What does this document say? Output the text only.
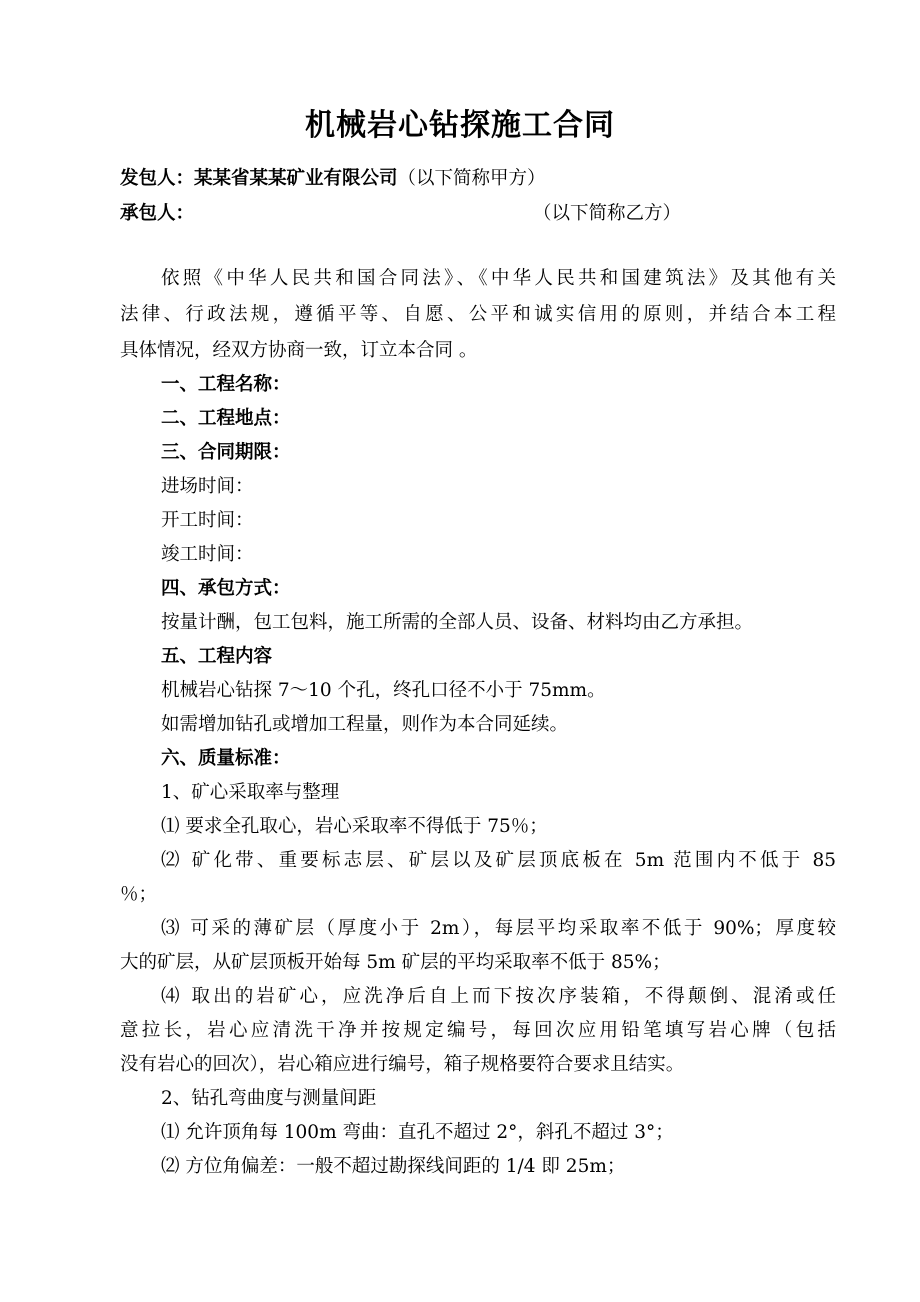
机械岩心钻探施工合同

发包人：某某省某某矿业有限公司（以下简称甲方）

承包人：	（以下简称乙方）

依照《中华人民共和国合同法》、《中华人民共和国建筑法》及其他有关

法律、行政法规，遵循平等、自愿、公平和诚实信用的原则，并结合本工程

具体情况，经双方协商一致，订立本合同 。

一、工程名称：

二、工程地点：

三、合同期限：

进场时间：

开工时间：

竣工时间：

四、承包方式：

按量计酬，包工包料，施工所需的全部人员、设备、材料均由乙方承担。

五、工程内容

机械岩心钻探 7～10 个孔，终孔口径不小于 75mm。

如需增加钻孔或增加工程量，则作为本合同延续。

六、质量标准：

1、矿心采取率与整理

⑴ 要求全孔取心，岩心采取率不得低于 75％；

⑵ 矿化带、重要标志层、矿层以及矿层顶底板在 5m 范围内不低于 85

％；

⑶ 可采的薄矿层（厚度小于 2m），每层平均采取率不低于 90%；厚度较

大的矿层，从矿层顶板开始每 5m 矿层的平均采取率不低于 85%；

⑷ 取出的岩矿心，应洗净后自上而下按次序装箱，不得颠倒、混淆或任

意拉长，岩心应清洗干净并按规定编号，每回次应用铅笔填写岩心牌（包括

没有岩心的回次），岩心箱应进行编号，箱子规格要符合要求且结实。

2、钻孔弯曲度与测量间距

⑴ 允许顶角每 100m 弯曲：直孔不超过 2°，斜孔不超过 3°；

⑵ 方位角偏差：一般不超过勘探线间距的 1/4 即 25m；
